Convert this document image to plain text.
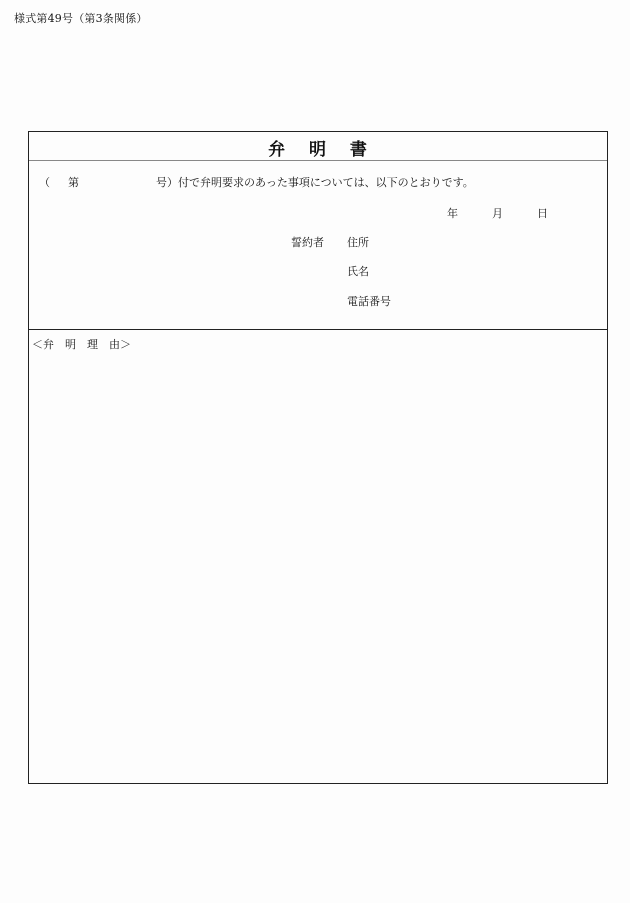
様式第49号（第3条関係）
弁 明 書
（ 第	号）付で弁明要求のあった事項については、以下のとおりです。
年	月	日
誓約者 住所
氏名
電話番号
＜弁　明　理　由＞
